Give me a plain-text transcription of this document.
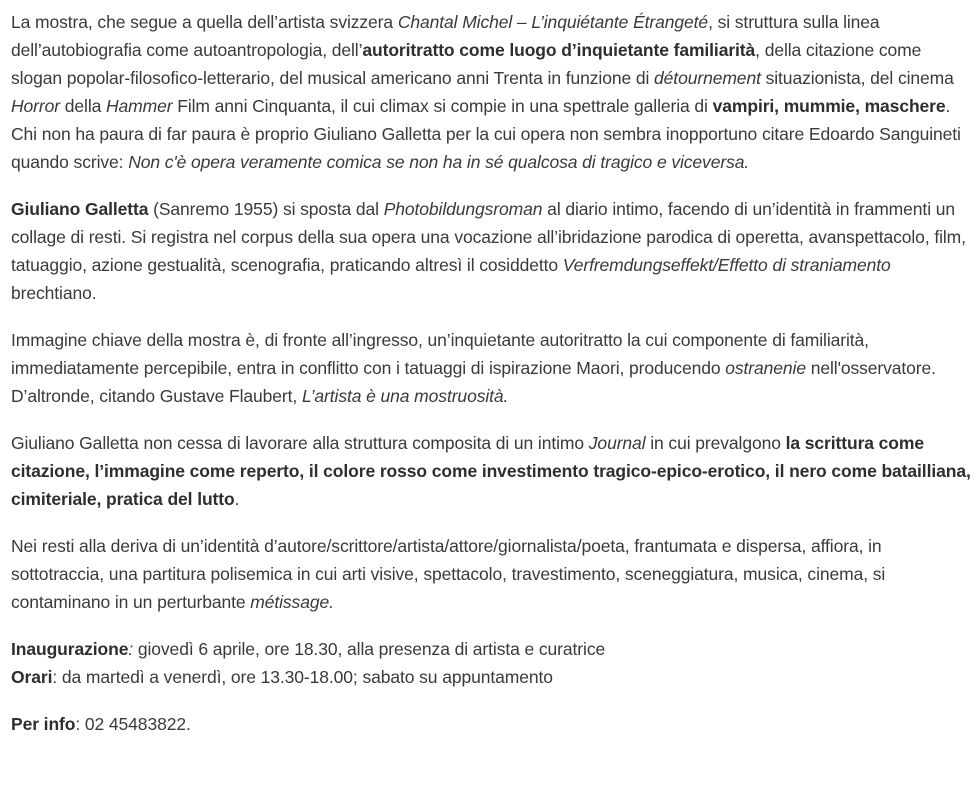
La mostra, che segue a quella dell’artista svizzera Chantal Michel – L’inquiétante Étrangeté, si struttura sulla linea dell’autobiografia come autoantropologia, dell’autoritratto come luogo d’inquietante familiarità, della citazione come slogan popolar-filosofico-letterario, del musical americano anni Trenta in funzione di détournement situazionista, del cinema Horror della Hammer Film anni Cinquanta, il cui climax si compie in una spettrale galleria di vampiri, mummie, maschere. Chi non ha paura di far paura è proprio Giuliano Galletta per la cui opera non sembra inopportuno citare Edoardo Sanguineti quando scrive: Non c'è opera veramente comica se non ha in sé qualcosa di tragico e viceversa.

Giuliano Galletta (Sanremo 1955) si sposta dal Photobildungsroman al diario intimo, facendo di un’identità in frammenti un collage di resti. Si registra nel corpus della sua opera una vocazione all’ibridazione parodica di operetta, avanspettacolo, film, tatuaggio, azione gestualità, scenografia, praticando altresì il cosiddetto Verfremdungseffekt/Effetto di straniamento brechtiano.

Immagine chiave della mostra è, di fronte all’ingresso, un’inquietante autoritratto la cui componente di familiarità, immediatamente percepibile, entra in conflitto con i tatuaggi di ispirazione Maori, producendo ostranenie nell'osservatore. D’altronde, citando Gustave Flaubert, L’artista è una mostruosità.

Giuliano Galletta non cessa di lavorare alla struttura composita di un intimo Journal in cui prevalgono la scrittura come citazione, l’immagine come reperto, il colore rosso come investimento tragico-epico-erotico, il nero come batailliana, cimiteriale, pratica del lutto.

Nei resti alla deriva di un’identità d’autore/scrittore/artista/attore/giornalista/poeta, frantumata e dispersa, affiora, in sottotraccia, una partitura polisemica in cui arti visive, spettacolo, travestimento, sceneggiatura, musica, cinema, si contaminano in un perturbante métissage.

Inaugurazione: giovedì 6 aprile, ore 18.30, alla presenza di artista e curatrice

Orari: da martedì a venerdì, ore 13.30-18.00; sabato su appuntamento

Per info: 02 45483822.
